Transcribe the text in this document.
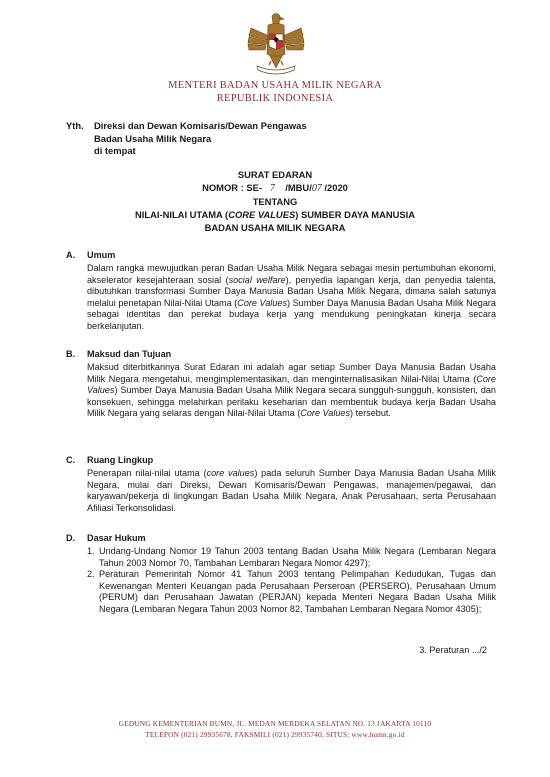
MENTERI BADAN USAHA MILIK NEGARA
REPUBLIK INDONESIA
Yth. Direksi dan Dewan Komisaris/Dewan Pengawas
Badan Usaha Milik Negara
di tempat
SURAT EDARAN
NOMOR : SE- 7 /MBU/07 /2020
TENTANG
NILAI-NILAI UTAMA (CORE VALUES) SUMBER DAYA MANUSIA
BADAN USAHA MILIK NEGARA
A. Umum

Dalam rangka mewujudkan peran Badan Usaha Milik Negara sebagai mesin pertumbuhan ekonomi, akselerator kesejahteraan sosial (social welfare), penyedia lapangan kerja, dan penyedia talenta, dibutuhkan transformasi Sumber Daya Manusia Badan Usaha Milik Negara, dimana salah satunya melalui penetapan Nilai-Nilai Utama (Core Values) Sumber Daya Manusia Badan Usaha Milik Negara sebagai identitas dan perekat budaya kerja yang mendukung peningkatan kinerja secara berkelanjutan.

B. Maksud dan Tujuan

Maksud diterbitkannya Surat Edaran ini adalah agar setiap Sumber Daya Manusia Badan Usaha Milik Negara mengetahui, mengimplementasikan, dan menginternalisasikan Nilai-Nilai Utama (Core Values) Sumber Daya Manusia Badan Usaha Milik Negara secara sungguh-sungguh, konsisten, dan konsekuen, sehingga melahirkan perilaku keseharian dan membentuk budaya kerja Badan Usaha Milik Negara yang selaras dengan Nilai-Nilai Utama (Core Values) tersebut.

C. Ruang Lingkup

Penerapan nilai-nilai utama (core values) pada seluruh Sumber Daya Manusia Badan Usaha Milik Negara, mulai dari Direksi, Dewan Komisaris/Dewan Pengawas, manajemen/pegawai, dan karyawan/pekerja di lingkungan Badan Usaha Milik Negara, Anak Perusahaan, serta Perusahaan Afiliasi Terkonsolidasi.

D. Dasar Hukum
1. Undang-Undang Nomor 19 Tahun 2003 tentang Badan Usaha Milik Negara (Lembaran Negara Tahun 2003 Nomor 70, Tambahan Lembaran Negara Nomor 4297);
2. Peraturan Pemerintah Nomor 41 Tahun 2003 tentang Pelimpahan Kedudukan, Tugas dan Kewenangan Menteri Keuangan pada Perusahaan Perseroan (PERSERO), Perusahaan Umum (PERUM) dan Perusahaan Jawatan (PERJAN) kepada Menteri Negara Badan Usaha Milik Negara (Lembaran Negara Tahun 2003 Nomor 82, Tambahan Lembaran Negara Nomor 4305);
3. Peraturan .../2
GEDUNG KEMENTERIAN BUMN, JL. MEDAN MERDEKA SELATAN NO. 13 JAKARTA 10110
TELEPON (021) 29935678, FAKSMILI (021) 29935740, SITUS: www.bumn.go.id
